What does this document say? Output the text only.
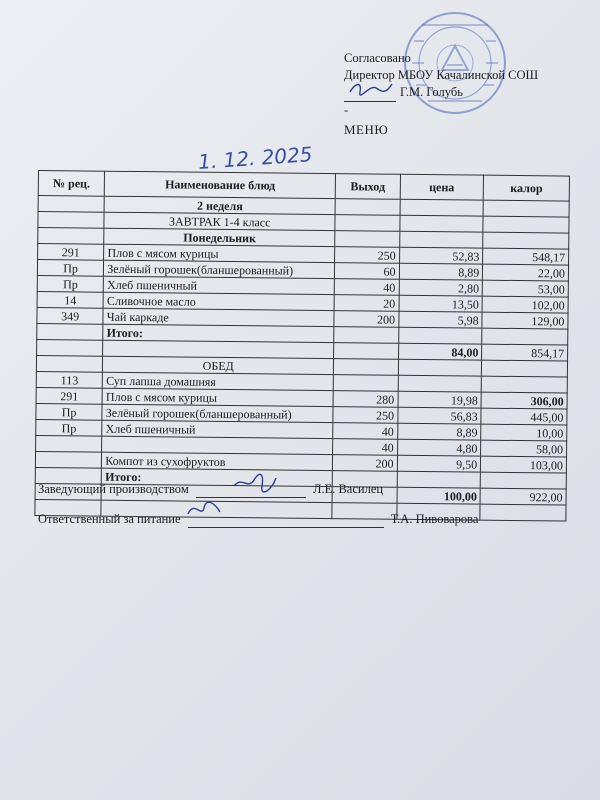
Согласовано
Директор МБОУ Качалинской СОШ

Г.М. Голубь
-
МЕНЮ
1. 12. 2025
№ рец.	Наименование блюд	Выход	цена	калор
	2 неделя			
	ЗАВТРАК 1-4 класс			
	Понедельник			
291	Плов с мясом курицы	250	52,83	548,17
Пр	Зелёный горошек(бланшерованный)	60	8,89	22,00
Пр	Хлеб пшеничный	40	2,80	53,00
14	Сливочное масло	20	13,50	102,00
349	Чай каркаде	200	5,98	129,00
	Итого:			
			84,00	854,17
	ОБЕД			
113	Суп лапша домашняя			
291	Плов с мясом курицы	280	19,98	306,00
Пр	Зелёный горошек(бланшерованный)	250	56,83	445,00
Пр	Хлеб пшеничный	40	8,89	10,00
		40	4,80	58,00
	Компот из сухофруктов	200	9,50	103,00
	Итого:			
			100,00	922,00

Заведующий производством	Л.Е. Василец
Ответственный за питание	Т.А. Пивоварова
